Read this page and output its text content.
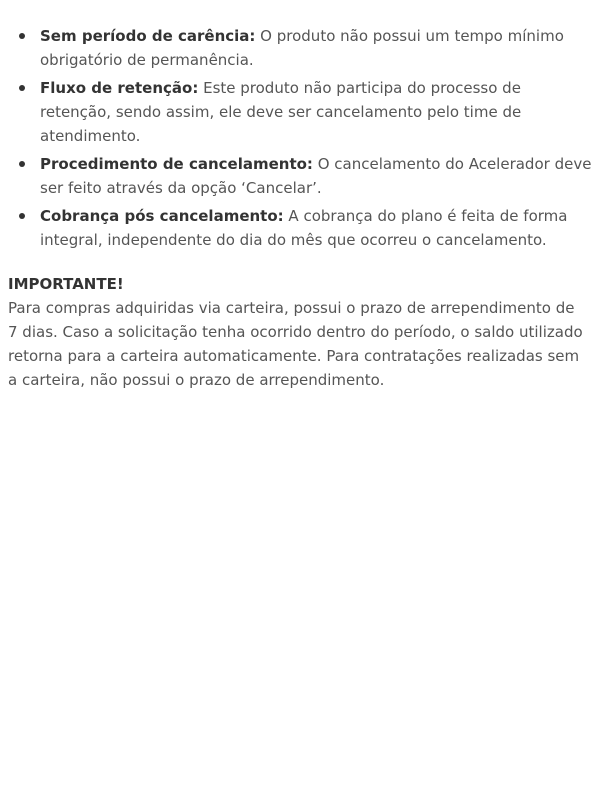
Sem período de carência: O produto não possui um tempo mínimo obrigatório de permanência.
Fluxo de retenção: Este produto não participa do processo de retenção, sendo assim, ele deve ser cancelamento pelo time de atendimento.
Procedimento de cancelamento: O cancelamento do Acelerador deve ser feito através da opção ‘Cancelar’.
Cobrança pós cancelamento: A cobrança do plano é feita de forma integral, independente do dia do mês que ocorreu o cancelamento.

IMPORTANTE!

Para compras adquiridas via carteira, possui o prazo de arrependimento de 7 dias. Caso a solicitação tenha ocorrido dentro do período, o saldo utilizado retorna para a carteira automaticamente. Para contratações realizadas sem a carteira, não possui o prazo de arrependimento.
